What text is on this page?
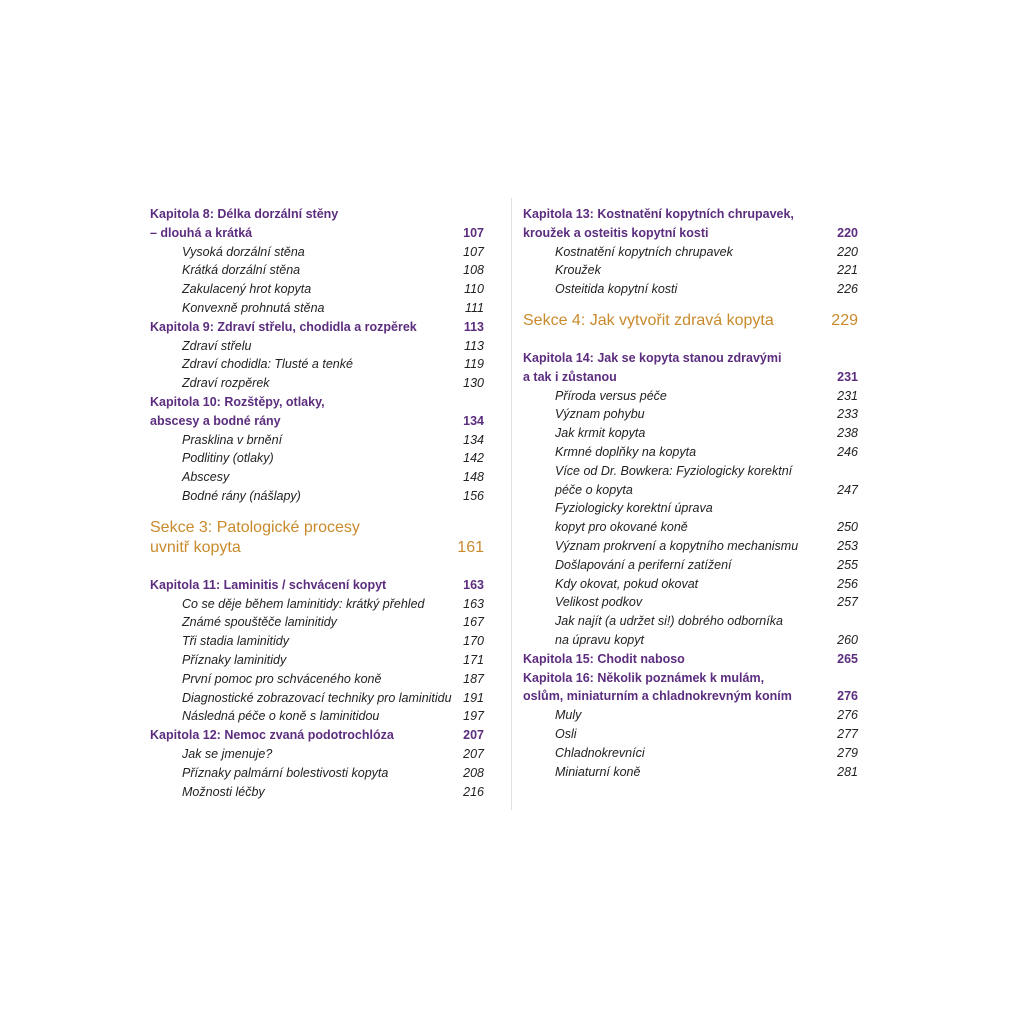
Kapitola 8: Délka dorzální stěny
– dlouhá a krátká	107
Vysoká dorzální stěna	107
Krátká dorzální stěna	108
Zakulacený hrot kopyta	110
Konvexně prohnutá stěna	111
Kapitola 9: Zdraví střelu, chodidla a rozpěrek	113
Zdraví střelu	113
Zdraví chodidla: Tlusté a tenké	119
Zdraví rozpěrek	130
Kapitola 10: Rozštěpy, otlaky,
abscesy a bodné rány	134
Prasklina v brnění	134
Podlitiny (otlaky)	142
Abscesy	148
Bodné rány (nášlapy)	156
Sekce 3: Patologické procesy
uvnitř kopyta	161
Kapitola 11: Laminitis / schvácení kopyt	163
Co se děje během laminitidy: krátký přehled	163
Známé spouštěče laminitidy	167
Tři stadia laminitidy	170
Příznaky laminitidy	171
První pomoc pro schváceného koně	187
Diagnostické zobrazovací techniky pro laminitidu 191
Následná péče o koně s laminitidou	197
Kapitola 12: Nemoc zvaná podotrochlóza	207
Jak se jmenuje?	207
Příznaky palmární bolestivosti kopyta	208
Možnosti léčby	216
Kapitola 13: Kostnatění kopytních chrupavek,
kroužek a osteitis kopytní kosti	220
Kostnatění kopytních chrupavek	220
Kroužek	221
Osteitida kopytní kosti	226
Sekce 4: Jak vytvořit zdravá kopyta	229
Kapitola 14: Jak se kopyta stanou zdravými
a tak i zůstanou	231
Příroda versus péče	231
Význam pohybu	233
Jak krmit kopyta	238
Krmné doplňky na kopyta	246
Více od Dr. Bowkera: Fyziologicky korektní
péče o kopyta	247
Fyziologicky korektní úprava
kopyt pro okované koně	250
Význam prokrvení a kopytního mechanismu	253
Došlapování a periferní zatížení	255
Kdy okovat, pokud okovat	256
Velikost podkov	257
Jak najít (a udržet si!) dobrého odborníka
na úpravu kopyt	260
Kapitola 15: Chodit naboso	265
Kapitola 16: Několik poznámek k mulám,
oslům, miniaturním a chladnokrevným koním	276
Muly	276
Osli	277
Chladnokrevníci	279
Miniaturní koně	281
